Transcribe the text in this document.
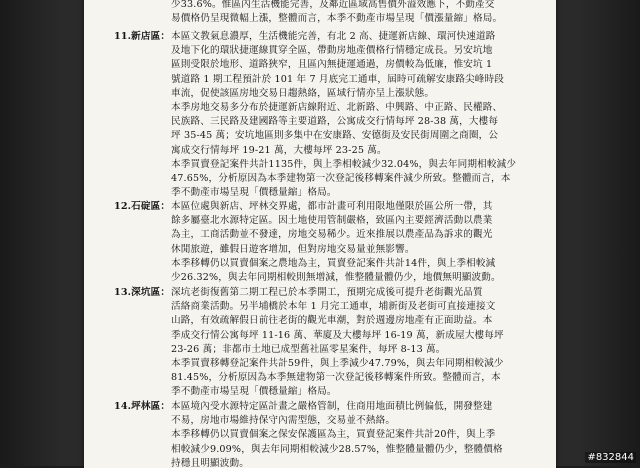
少33.6%。惟區內生活機能完善，及鄰近區域高售價外溢效應下，不動產交
易價格仍呈現微幅上漲，整體而言，本季不動產市場呈現「價漲量縮」格局。
11.新店區： 本區文教氣息濃厚，生活機能完善，有北 2 高、捷運新店線、環河快速道路
及地下化的環狀捷運線貫穿全區，帶動房地產價格行情穩定成長。另安坑地
區則受限於地形、道路狹窄，且區內無捷運通過，房價較為低廉，惟安坑 1
號道路 1 期工程預計於 101 年 7 月底完工通車，屆時可疏解安康路尖峰時段
車流，促使該區房地交易日趨熱絡，區域行情亦呈上漲狀態。
本季房地交易多分布於捷運新店線附近、北新路、中興路、中正路、民權路、
民族路、三民路及建國路等主要道路，公寓成交行情每坪 28-38 萬，大樓每
坪 35-45 萬；安坑地區則多集中在安康路、安德街及安民街周圍之商圈，公
寓成交行情每坪 19-21 萬，大樓每坪 23-25 萬。
本季買賣登記案件共計1135件，與上季相較減少32.04%，與去年同期相較減少
47.65%，分析原因為本季建物第一次登記後移轉案件減少所致。整體而言，本
季不動產市場呈現「價穩量縮」格局。
12.石碇區： 本區位處與新店、坪林交界處，都市計畫可利用限地僅限於區公所一帶，其
餘多屬臺北水源特定區。因土地使用管制嚴格，致區內主要經濟活動以農業
為主，工商活動並不發達，房地交易稀少。近來推展以農產品為訴求的觀光
休閒旅遊，雖假日遊客增加，但對房地交易量並無影響。
本季移轉仍以買賣個案之農地為主，買賣登記案件共計14件，與上季相較減
少26.32%，與去年同期相較則無增減，惟整體量體仍少，地價無明顯波動。
13.深坑區： 深坑老街復舊第二期工程已於本季開工，預期完成後可提升老街觀光品質
活絡商業活動。另半埔橋於本年 1 月完工通車，埔新街及老街可直接連接文
山路，有效疏解假日前往老街的觀光車潮，對於週邊房地產有正面助益。本
季成交行情公寓每坪 11-16 萬、華廈及大樓每坪 16-19 萬，新成屋大樓每坪
23-26 萬；非都市土地已成型舊社區零星案件，每坪 8-13 萬。
本季買賣移轉登記案件共計59件，與上季減少47.79%，與去年同期相較減少
81.45%，分析原因為本季無建物第一次登記後移轉案件所致。整體而言，本
季不動產市場呈現「價穩量縮」格局。
14.坪林區： 本區境內受水源特定區計畫之嚴格管制，住商用地面積比例偏低，開發整建
不易，房地市場維持保守內需型態，交易並不熱絡。
本季移轉仍以買賣個案之保安保護區為主，買賣登記案件共計20件，與上季
相較減少9.09%，與去年同期相較減少28.57%，惟整體量體仍少，整體價格
持穩且明顯波動。
#832844
